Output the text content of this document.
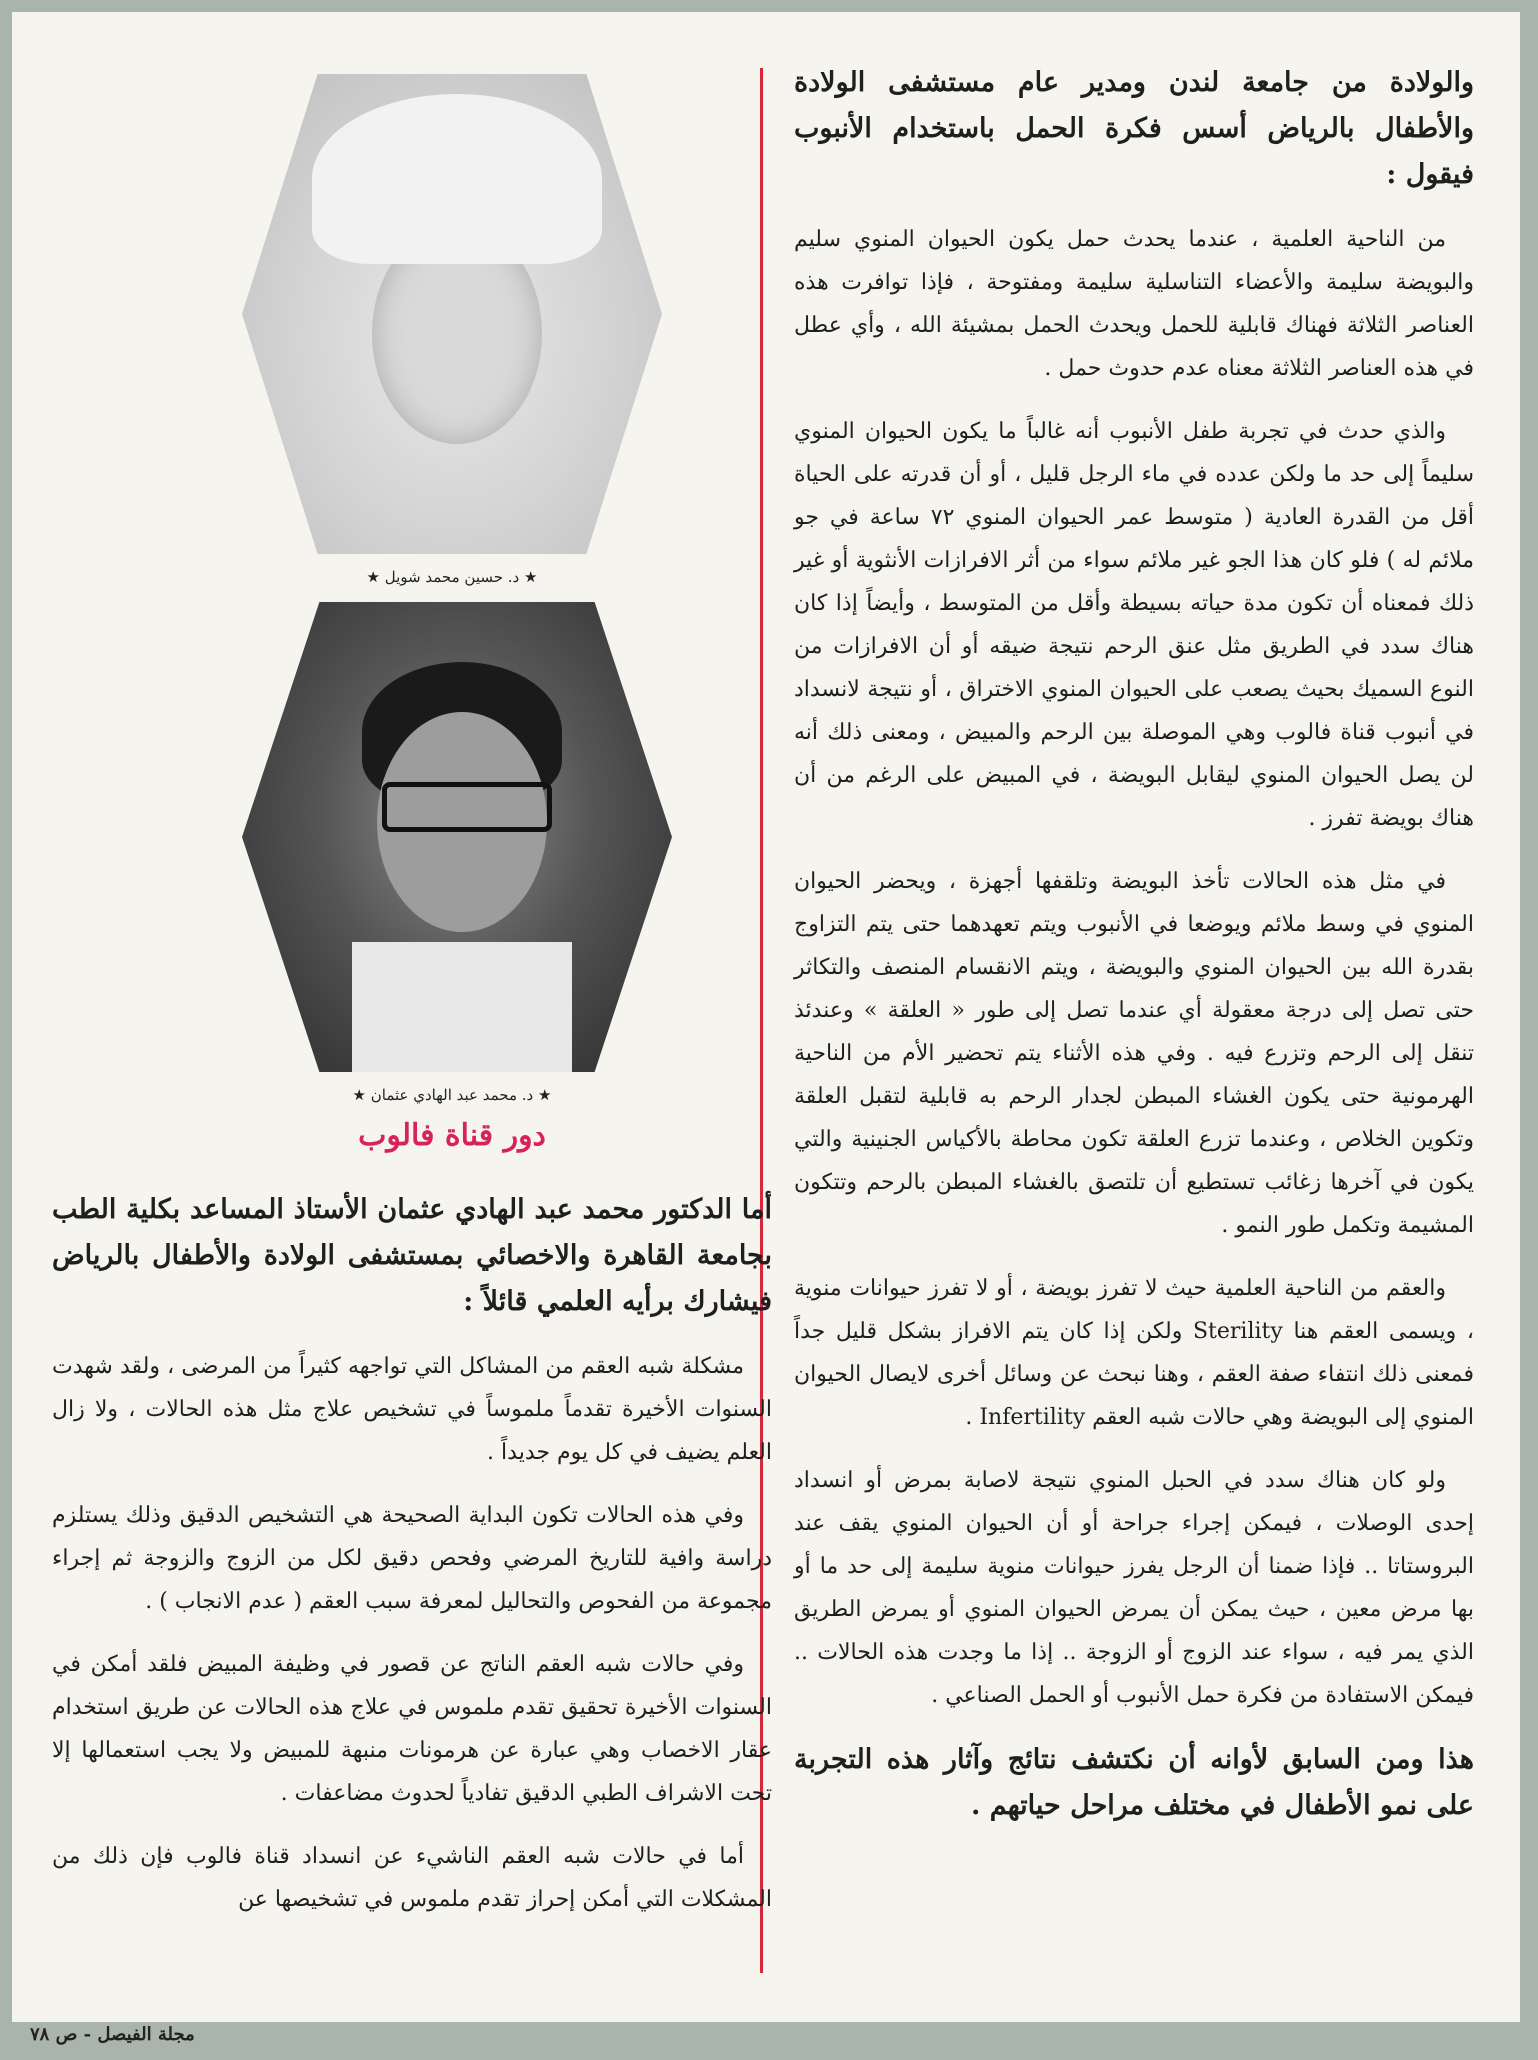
والولادة من جامعة لندن ومدير عام مستشفى الولادة والأطفال بالرياض أسس فكرة الحمل باستخدام الأنبوب فيقول :

من الناحية العلمية ، عندما يحدث حمل يكون الحيوان المنوي سليم والبويضة سليمة والأعضاء التناسلية سليمة ومفتوحة ، فإذا توافرت هذه العناصر الثلاثة فهناك قابلية للحمل ويحدث الحمل بمشيئة الله ، وأي عطل في هذه العناصر الثلاثة معناه عدم حدوث حمل .

والذي حدث في تجربة طفل الأنبوب أنه غالباً ما يكون الحيوان المنوي سليماً إلى حد ما ولكن عدده في ماء الرجل قليل ، أو أن قدرته على الحياة أقل من القدرة العادية ( متوسط عمر الحيوان المنوي ٧٢ ساعة في جو ملائم له ) فلو كان هذا الجو غير ملائم سواء من أثر الافرازات الأنثوية أو غير ذلك فمعناه أن تكون مدة حياته بسيطة وأقل من المتوسط ، وأيضاً إذا كان هناك سدد في الطريق مثل عنق الرحم نتيجة ضيقه أو أن الافرازات من النوع السميك بحيث يصعب على الحيوان المنوي الاختراق ، أو نتيجة لانسداد في أنبوب قناة فالوب وهي الموصلة بين الرحم والمبيض ، ومعنى ذلك أنه لن يصل الحيوان المنوي ليقابل البويضة ، في المبيض على الرغم من أن هناك بويضة تفرز .

في مثل هذه الحالات تأخذ البويضة وتلقفها أجهزة ، ويحضر الحيوان المنوي في وسط ملائم ويوضعا في الأنبوب ويتم تعهدهما حتى يتم التزاوج بقدرة الله بين الحيوان المنوي والبويضة ، ويتم الانقسام المنصف والتكاثر حتى تصل إلى درجة معقولة أي عندما تصل إلى طور « العلقة » وعندئذ تنقل إلى الرحم وتزرع فيه . وفي هذه الأثناء يتم تحضير الأم من الناحية الهرمونية حتى يكون الغشاء المبطن لجدار الرحم به قابلية لتقبل العلقة وتكوين الخلاص ، وعندما تزرع العلقة تكون محاطة بالأكياس الجنينية والتي يكون في آخرها زغائب تستطيع أن تلتصق بالغشاء المبطن بالرحم وتتكون المشيمة وتكمل طور النمو .

والعقم من الناحية العلمية حيث لا تفرز بويضة ، أو لا تفرز حيوانات منوية ، ويسمى العقم هنا Sterility ولكن إذا كان يتم الافراز بشكل قليل جداً فمعنى ذلك انتفاء صفة العقم ، وهنا نبحث عن وسائل أخرى لايصال الحيوان المنوي إلى البويضة وهي حالات شبه العقم Infertility .

ولو كان هناك سدد في الحبل المنوي نتيجة لاصابة بمرض أو انسداد إحدى الوصلات ، فيمكن إجراء جراحة أو أن الحيوان المنوي يقف عند البروستاتا .. فإذا ضمنا أن الرجل يفرز حيوانات منوية سليمة إلى حد ما أو بها مرض معين ، حيث يمكن أن يمرض الحيوان المنوي أو يمرض الطريق الذي يمر فيه ، سواء عند الزوج أو الزوجة .. إذا ما وجدت هذه الحالات .. فيمكن الاستفادة من فكرة حمل الأنبوب أو الحمل الصناعي .

هذا ومن السابق لأوانه أن نكتشف نتائج وآثار هذه التجربة على نمو الأطفال في مختلف مراحل حياتهم .

★ د. حسين محمد شويل ★
★ د. محمد عبد الهادي عثمان ★
دور قناة فالوب

أما الدكتور محمد عبد الهادي عثمان الأستاذ المساعد بكلية الطب بجامعة القاهرة والاخصائي بمستشفى الولادة والأطفال بالرياض فيشارك برأيه العلمي قائلاً :

مشكلة شبه العقم من المشاكل التي تواجهه كثيراً من المرضى ، ولقد شهدت السنوات الأخيرة تقدماً ملموساً في تشخيص علاج مثل هذه الحالات ، ولا زال العلم يضيف في كل يوم جديداً .

وفي هذه الحالات تكون البداية الصحيحة هي التشخيص الدقيق وذلك يستلزم دراسة وافية للتاريخ المرضي وفحص دقيق لكل من الزوج والزوجة ثم إجراء مجموعة من الفحوص والتحاليل لمعرفة سبب العقم ( عدم الانجاب ) .

وفي حالات شبه العقم الناتج عن قصور في وظيفة المبيض فلقد أمكن في السنوات الأخيرة تحقيق تقدم ملموس في علاج هذه الحالات عن طريق استخدام عقار الاخصاب وهي عبارة عن هرمونات منبهة للمبيض ولا يجب استعمالها إلا تحت الاشراف الطبي الدقيق تفادياً لحدوث مضاعفات .

أما في حالات شبه العقم الناشيء عن انسداد قناة فالوب فإن ذلك من المشكلات التي أمكن إحراز تقدم ملموس في تشخيصها عن

مجلة الفيصل - ص ٧٨
